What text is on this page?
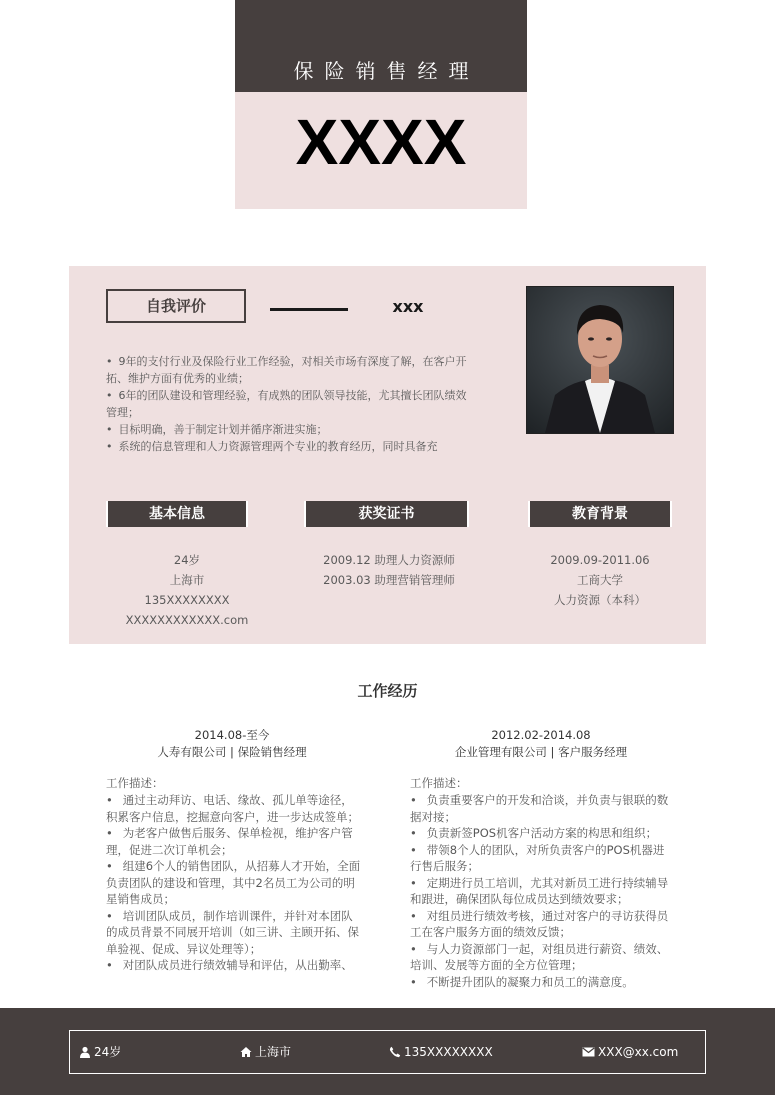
保险销售经理
XXXX
自我评价	xxx
• 9年的支付行业及保险行业工作经验，对相关市场有深度了解，在客户开拓、维护方面有优秀的业绩；
• 6年的团队建设和管理经验，有成熟的团队领导技能，尤其擅长团队绩效管理；
• 目标明确，善于制定计划并循序渐进实施；
• 系统的信息管理和人力资源管理两个专业的教育经历，同时具备充
基本信息	获奖证书	教育背景
24岁
上海市
135XXXXXXXX
XXXXXXXXXXXX.com
2009.12 助理人力资源师
2003.03 助理营销管理师
2009.09-2011.06
工商大学
人力资源（本科）
工作经历
2014.08-至今
人寿有限公司 | 保险销售经理
工作描述：
• 通过主动拜访、电话、缘故、孤儿单等途径，积累客户信息，挖掘意向客户，进一步达成签单；
• 为老客户做售后服务、保单检视，维护客户管理，促进二次订单机会；
• 组建6个人的销售团队，从招募人才开始，全面负责团队的建设和管理，其中2名员工为公司的明星销售成员；
• 培训团队成员，制作培训课件，并针对本团队的成员背景不同展开培训（如三讲、主顾开拓、保单验视、促成、异议处理等）；
• 对团队成员进行绩效辅导和评估，从出勤率、
2012.02-2014.08
企业管理有限公司 | 客户服务经理
工作描述：
• 负责重要客户的开发和洽谈，并负责与银联的数据对接；
• 负责新签POS机客户活动方案的构思和组织；
• 带领8个人的团队，对所负责客户的POS机器进行售后服务；
• 定期进行员工培训，尤其对新员工进行持续辅导和跟进，确保团队每位成员达到绩效要求；
• 对组员进行绩效考核，通过对客户的寻访获得员工在客户服务方面的绩效反馈；
• 与人力资源部门一起，对组员进行薪资、绩效、培训、发展等方面的全方位管理；
• 不断提升团队的凝聚力和员工的满意度。
24岁	上海市	135XXXXXXXX	XXX@xx.com
